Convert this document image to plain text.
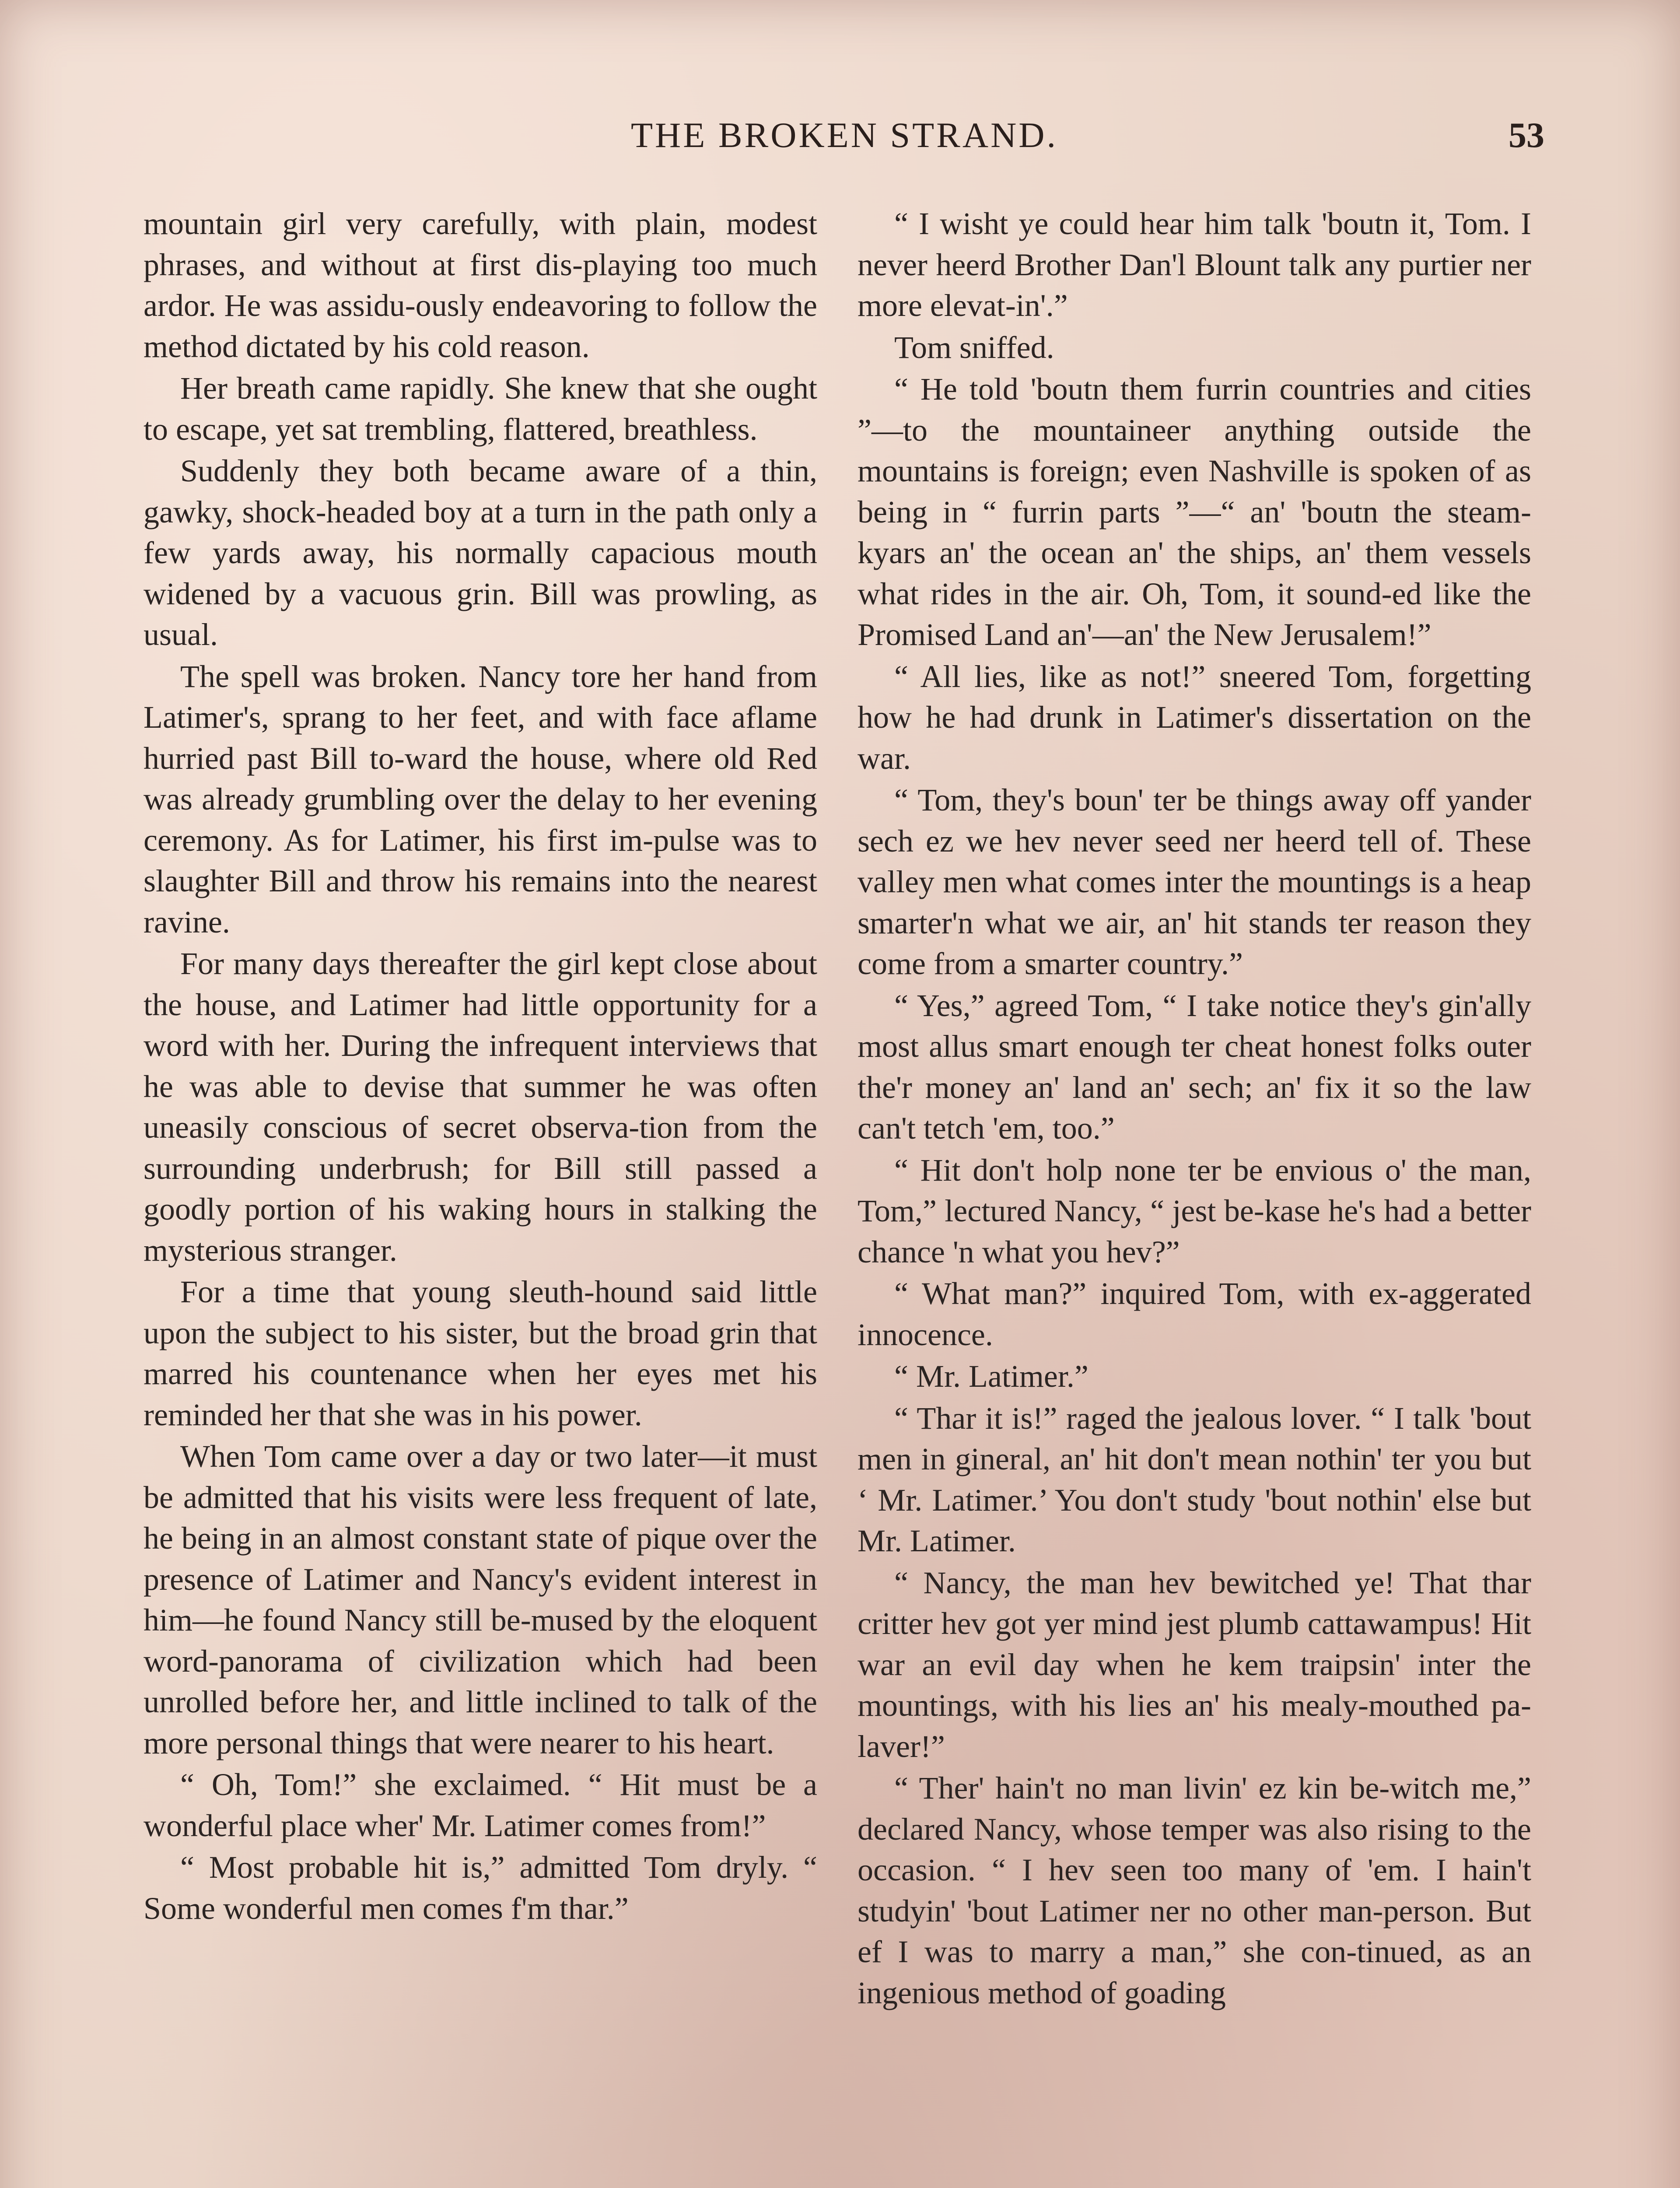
THE BROKEN STRAND.	53

mountain girl very carefully, with plain, modest phrases, and without at first dis-playing too much ardor. He was assidu-ously endeavoring to follow the method dictated by his cold reason.

Her breath came rapidly. She knew that she ought to escape, yet sat trembling, flattered, breathless.

Suddenly they both became aware of a thin, gawky, shock-headed boy at a turn in the path only a few yards away, his normally capacious mouth widened by a vacuous grin. Bill was prowling, as usual.

The spell was broken. Nancy tore her hand from Latimer's, sprang to her feet, and with face aflame hurried past Bill to-ward the house, where old Red was already grumbling over the delay to her evening ceremony. As for Latimer, his first im-pulse was to slaughter Bill and throw his remains into the nearest ravine.

For many days thereafter the girl kept close about the house, and Latimer had little opportunity for a word with her. During the infrequent interviews that he was able to devise that summer he was often uneasily conscious of secret observa-tion from the surrounding underbrush; for Bill still passed a goodly portion of his waking hours in stalking the mysterious stranger.

For a time that young sleuth-hound said little upon the subject to his sister, but the broad grin that marred his countenance when her eyes met his reminded her that she was in his power.

When Tom came over a day or two later—it must be admitted that his visits were less frequent of late, he being in an almost constant state of pique over the presence of Latimer and Nancy's evident interest in him—he found Nancy still be-mused by the eloquent word-panorama of civilization which had been unrolled before her, and little inclined to talk of the more personal things that were nearer to his heart.

“ Oh, Tom!” she exclaimed. “ Hit must be a wonderful place wher' Mr. Latimer comes from!”

“ Most probable hit is,” admitted Tom dryly. “ Some wonderful men comes f'm thar.”

“ I wisht ye could hear him talk 'boutn it, Tom. I never heerd Brother Dan'l Blount talk any purtier ner more elevat-in'.”

Tom sniffed.

“ He told 'boutn them furrin countries and cities ”—to the mountaineer anything outside the mountains is foreign; even Nashville is spoken of as being in “ furrin parts ”—“ an' 'boutn the steam-kyars an' the ocean an' the ships, an' them vessels what rides in the air. Oh, Tom, it sound-ed like the Promised Land an'—an' the New Jerusalem!”

“ All lies, like as not!” sneered Tom, forgetting how he had drunk in Latimer's dissertation on the war.

“ Tom, they's boun' ter be things away off yander sech ez we hev never seed ner heerd tell of. These valley men what comes inter the mountings is a heap smarter'n what we air, an' hit stands ter reason they come from a smarter country.”

“ Yes,” agreed Tom, “ I take notice they's gin'ally most allus smart enough ter cheat honest folks outer the'r money an' land an' sech; an' fix it so the law can't tetch 'em, too.”

“ Hit don't holp none ter be envious o' the man, Tom,” lectured Nancy, “ jest be-kase he's had a better chance 'n what you hev?”

“ What man?” inquired Tom, with ex-aggerated innocence.

“ Mr. Latimer.”

“ Thar it is!” raged the jealous lover. “ I talk 'bout men in gineral, an' hit don't mean nothin' ter you but ‘ Mr. Latimer.’ You don't study 'bout nothin' else but Mr. Latimer.

“ Nancy, the man hev bewitched ye! That thar critter hev got yer mind jest plumb cattawampus! Hit war an evil day when he kem traipsin' inter the mountings, with his lies an' his mealy-mouthed pa-laver!”

“ Ther' hain't no man livin' ez kin be-witch me,” declared Nancy, whose temper was also rising to the occasion. “ I hev seen too many of 'em. I hain't studyin' 'bout Latimer ner no other man-person. But ef I was to marry a man,” she con-tinued, as an ingenious method of goading
